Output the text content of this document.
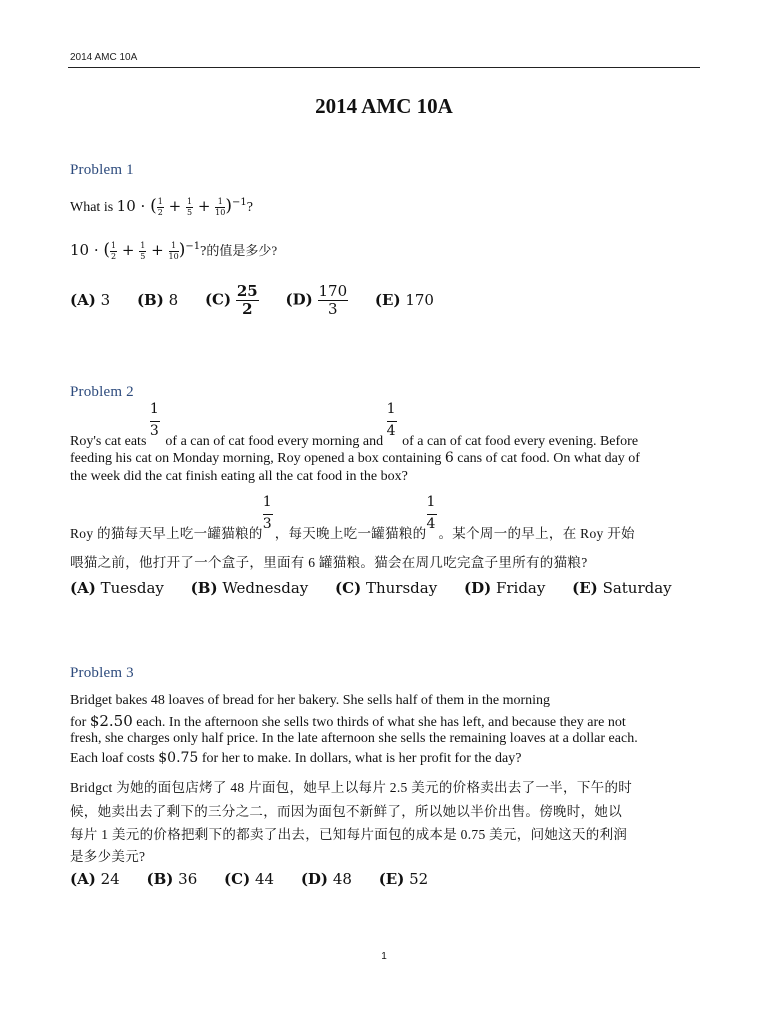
2014 AMC 10A
2014 AMC 10A
Problem 1
What is 10 · ( $\frac{1}{2} + \frac{1}{5} + \frac{1}{10} )^{-1}$?
10 · ( $\frac{1}{2} + \frac{1}{5} + \frac{1}{10} )^{-1}$?的值是多少?
(A) 3 (B) 8 $(C) \frac{25}{2} (D) \frac{170}{3} (E)$ 170
Problem 2
Roy's cat eats $\frac{1}{3}$ of a can of cat food every morning and $\frac{1}{4}$ of a can of cat food every evening. Before
feeding his cat on Monday morning, Roy opened a box containing 6 cans of cat food. On what day of
the week did the cat finish eating all the cat food in the box?
Roy 的猫每天早上吃一罐猫粮的 $\frac{1}{3}$ ，每天晚上吃一罐猫粮的 $\frac{1}{4}$ 。某个周一的早上，在 Roy 开始
喂猫之前，他打开了一个盒子，里面有 6 罐猫粮。猫会在周几吃完盒子里所有的猫粮?
(A) Tuesday (B) Wednesday (C) Thursday (D) Friday (E) Saturday
Problem 3
Bridget bakes 48 loaves of bread for her bakery. She sells half of them in the morning
for $2.50 each. In the afternoon she sells two thirds of what she has left, and because they are not
fresh, she charges only half price. In the late afternoon she sells the remaining loaves at a dollar each.
Each loaf costs $0.75 for her to make. In dollars, what is her profit for the day?
Bridgct 为她的面包店烤了 48 片面包，她早上以每片 2.5 美元的价格卖出去了一半，下午的时
候，她卖出去了剩下的三分之二，而因为面包不新鲜了，所以她以半价出售。傍晚时，她以
每片 1 美元的价格把剩下的都卖了出去，已知每片面包的成本是 0.75 美元，问她这天的利润
是多少美元?
(A) 24 (B) 36 (C) 44 (D) 48 (E) 52
1
